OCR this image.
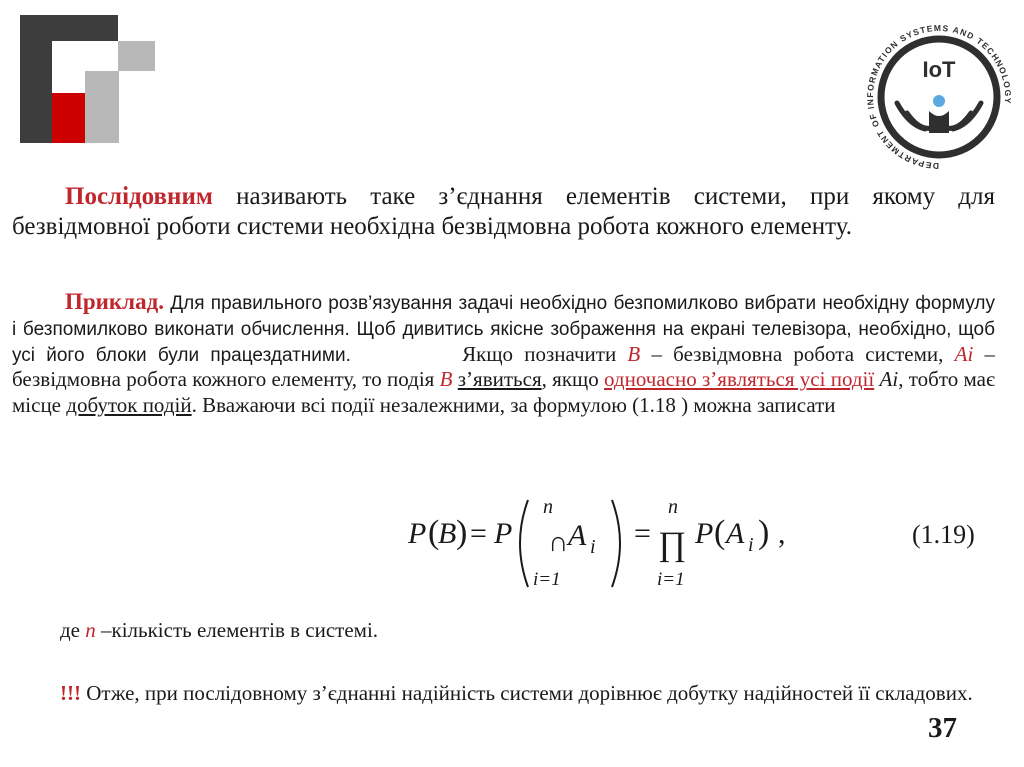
DEPARTMENT OF INFORMATION SYSTEMS AND TECHNOLOGY
IoT

Послідовним називають таке з’єднання елементів системи, при якому для безвідмовної роботи системи необхідна безвідмовна робота кожного елементу.

Приклад. Для правильного розв’язування задачі необхідно безпомилково вибрати необхідну формулу і безпомилково виконати обчислення. Щоб дивитись якісне зображення на екрані телевізора, необхідно, щоб усі його блоки були працездатними.	Якщо позначити B – безвідмовна робота системи, Ai – безвідмовна робота кожного елементу, то подія B з’явиться, якщо одночасно з’являться усі події Ai, тобто має місце добуток подій. Вважаючи всі події незалежними, за формулою (1.18 ) можна записати

P (
B ) = P
n
∩
i=1
A i =
n
∏
i=1
P ( A i ) ,	(1.19)

де n –кількість елементів в системі.

!!! Отже, при послідовному з’єднанні надійність системи дорівнює добутку надійностей її складових.

37
